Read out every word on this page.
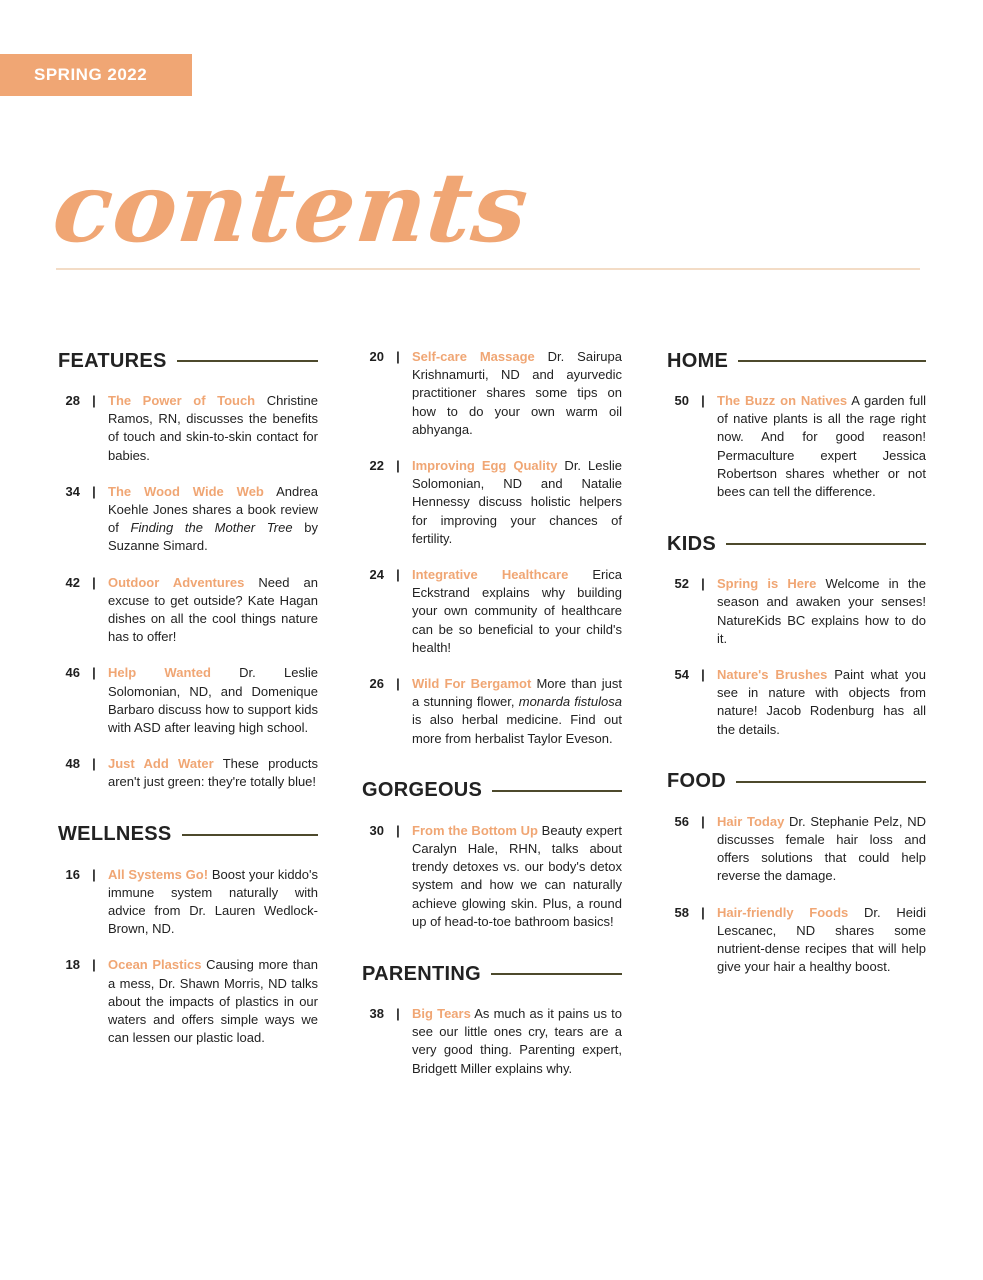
SPRING 2022
contents
FEATURES
28 | The Power of Touch Christine Ramos, RN, discusses the benefits of touch and skin-to-skin contact for babies.
34 | The Wood Wide Web Andrea Koehle Jones shares a book review of Finding the Mother Tree by Suzanne Simard.
42 | Outdoor Adventures Need an excuse to get outside? Kate Hagan dishes on all the cool things nature has to offer!
46 | Help Wanted Dr. Leslie Solomonian, ND, and Domenique Barbaro discuss how to support kids with ASD after leaving high school.
48 | Just Add Water These products aren't just green: they're totally blue!
WELLNESS
16 | All Systems Go! Boost your kiddo's immune system naturally with advice from Dr. Lauren Wedlock-Brown, ND.
18 | Ocean Plastics Causing more than a mess, Dr. Shawn Morris, ND talks about the impacts of plastics in our waters and offers simple ways we can lessen our plastic load.
20 | Self-care Massage Dr. Sairupa Krishnamurti, ND and ayurvedic practitioner shares some tips on how to do your own warm oil abhyanga.
22 | Improving Egg Quality Dr. Leslie Solomonian, ND and Natalie Hennessy discuss holistic helpers for improving your chances of fertility.
24 | Integrative Healthcare Erica Eckstrand explains why building your own community of healthcare can be so beneficial to your child's health!
26 | Wild For Bergamot More than just a stunning flower, monarda fistulosa is also herbal medicine. Find out more from herbalist Taylor Eveson.
GORGEOUS
30 | From the Bottom Up Beauty expert Caralyn Hale, RHN, talks about trendy detoxes vs. our body's detox system and how we can naturally achieve glowing skin. Plus, a round up of head-to-toe bathroom basics!
PARENTING
38 | Big Tears As much as it pains us to see our little ones cry, tears are a very good thing. Parenting expert, Bridgett Miller explains why.
HOME
50 | The Buzz on Natives A garden full of native plants is all the rage right now. And for good reason! Permaculture expert Jessica Robertson shares whether or not bees can tell the difference.
KIDS
52 | Spring is Here Welcome in the season and awaken your senses! NatureKids BC explains how to do it.
54 | Nature's Brushes Paint what you see in nature with objects from nature! Jacob Rodenburg has all the details.
FOOD
56 | Hair Today Dr. Stephanie Pelz, ND discusses female hair loss and offers solutions that could help reverse the damage.
58 | Hair-friendly Foods Dr. Heidi Lescanec, ND shares some nutrient-dense recipes that will help give your hair a healthy boost.
